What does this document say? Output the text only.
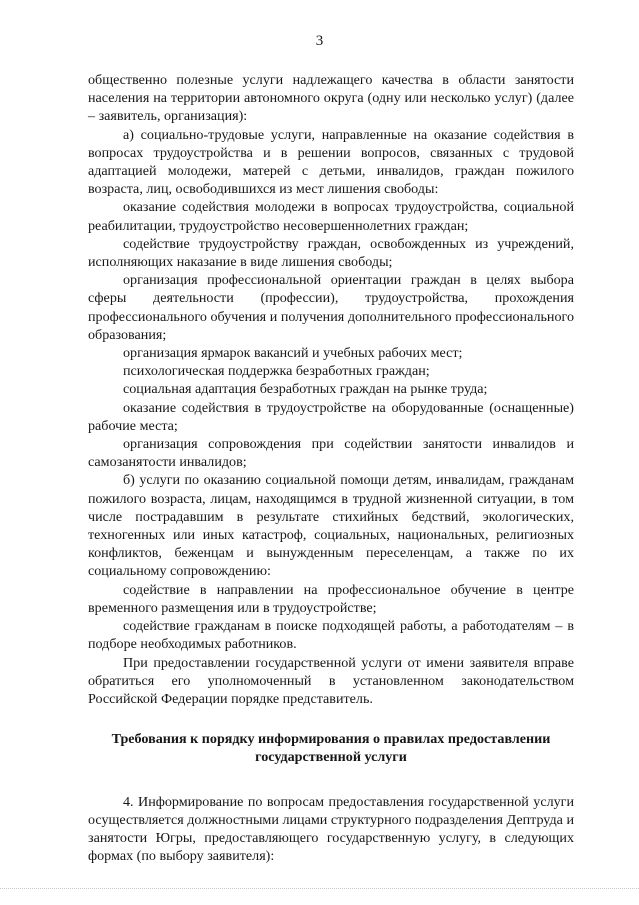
3

общественно полезные услуги надлежащего качества в области занятости населения на территории автономного округа (одну или несколько услуг) (далее – заявитель, организация):

а) социально-трудовые услуги, направленные на оказание содействия в вопросах трудоустройства и в решении вопросов, связанных с трудовой адаптацией молодежи, матерей с детьми, инвалидов, граждан пожилого возраста, лиц, освободившихся из мест лишения свободы:

оказание содействия молодежи в вопросах трудоустройства, социальной реабилитации, трудоустройство несовершеннолетних граждан;

содействие трудоустройству граждан, освобожденных из учреждений, исполняющих наказание в виде лишения свободы;

организация профессиональной ориентации граждан в целях выбора сферы деятельности (профессии), трудоустройства, прохождения профессионального обучения и получения дополнительного профессионального образования;

организация ярмарок вакансий и учебных рабочих мест;

психологическая поддержка безработных граждан;

социальная адаптация безработных граждан на рынке труда;

оказание содействия в трудоустройстве на оборудованные (оснащенные) рабочие места;

организация сопровождения при содействии занятости инвалидов и самозанятости инвалидов;

б) услуги по оказанию социальной помощи детям, инвалидам, гражданам пожилого возраста, лицам, находящимся в трудной жизненной ситуации, в том числе пострадавшим в результате стихийных бедствий, экологических, техногенных или иных катастроф, социальных, национальных, религиозных конфликтов, беженцам и вынужденным переселенцам, а также по их социальному сопровождению:

содействие в направлении на профессиональное обучение в центре временного размещения или в трудоустройстве;

содействие гражданам в поиске подходящей работы, а работодателям – в подборе необходимых работников.

При предоставлении государственной услуги от имени заявителя вправе обратиться его уполномоченный в установленном законодательством Российской Федерации порядке представитель.

Требования к порядку информирования о правилах предоставлении государственной услуги

4. Информирование по вопросам предоставления государственной услуги осуществляется должностными лицами структурного подразделения Дептруда и занятости Югры, предоставляющего государственную услугу, в следующих формах (по выбору заявителя):
